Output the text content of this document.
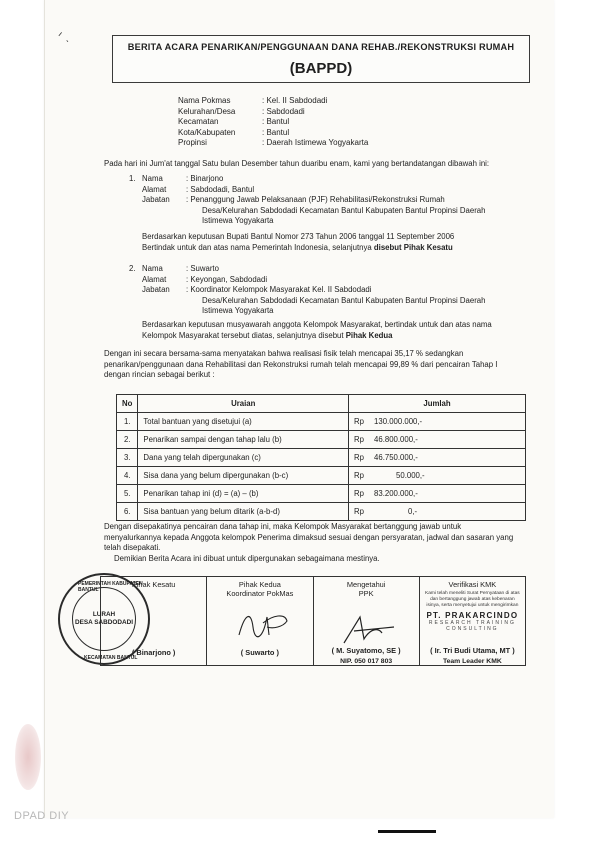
ᐟ ˎ
BERITA ACARA PENARIKAN/PENGGUNAAN DANA REHAB./REKONSTRUKSI RUMAH
(BAPPD)
Nama Pokmas	: Kel. II Sabdodadi
Kelurahan/Desa	: Sabdodadi
Kecamatan	: Bantul
Kota/Kabupaten	: Bantul
Propinsi	: Daerah Istimewa Yogyakarta
Pada hari ini Jum'at tanggal Satu bulan Desember tahun duaribu enam, kami yang bertandatangan dibawah ini:
1. Nama	: Binarjono
Alamat	: Sabdodadi, Bantul
Jabatan	: Penanggung Jawab Pelaksanaan (PJF) Rehabilitasi/Rekonstruksi Rumah
Desa/Kelurahan Sabdodadi Kecamatan Bantul Kabupaten Bantul Propinsi Daerah
Istimewa Yogyakarta
Berdasarkan keputusan Bupati Bantul Nomor 273 Tahun 2006 tanggal 11 September 2006
Bertindak untuk dan atas nama Pemerintah Indonesia, selanjutnya disebut Pihak Kesatu
2. Nama	: Suwarto
Alamat	: Keyongan, Sabdodadi
Jabatan	: Koordinator Kelompok Masyarakat Kel. II Sabdodadi
Desa/Kelurahan Sabdodadi Kecamatan Bantul Kabupaten Bantul Propinsi Daerah
Istimewa Yogyakarta
Berdasarkan keputusan musyawarah anggota Kelompok Masyarakat, bertindak untuk dan atas nama
Kelompok Masyarakat tersebut diatas, selanjutnya disebut Pihak Kedua
Dengan ini secara bersama-sama menyatakan bahwa realisasi fisik telah mencapai 35,17 % sedangkan
penarikan/penggunaan dana Rehabilitasi dan Rekonstruksi rumah telah mencapai 99,89 % dari pencairan Tahap I
dengan rincian sebagai berikut :
No	Uraian	Jumlah
1.	Total bantuan yang disetujui (a)	Rp 130.000.000,-
2.	Penarikan sampai dengan tahap lalu (b)	Rp 46.800.000,-
3.	Dana yang telah dipergunakan (c)	Rp 46.750.000,-
4.	Sisa dana yang belum dipergunakan (b-c)	Rp 50.000,-
5.	Penarikan tahap ini (d) = (a) – (b)	Rp 83.200.000,-
6.	Sisa bantuan yang belum ditarik (a-b-d)	Rp 0,-
Dengan disepakatinya pencairan dana tahap ini, maka Kelompok Masyarakat bertanggung jawab untuk
menyalurkannya kepada Anggota kelompok Penerima dimaksud sesuai dengan persyaratan, jadwal dan sasaran yang
telah disepakati.
Demikian Berita Acara ini dibuat untuk dipergunakan sebagaimana mestinya.
Pihak Kesatu
( Binarjono )
Pihak Kedua
Koordinator PokMas
( Suwarto )
Mengetahui
PPK
( M. Suyatomo, SE )
NIP. 050 017 803
Verifikasi KMK
Kami telah meneliti Surat Pernyataan di atas dan bertanggung jawab atas kebenaran isinya, serta menyetujui untuk mengirimkan
PT. PRAKARCINDO
RESEARCH TRAINING CONSULTING
( Ir. Tri Budi Utama, MT )
Team Leader KMK
PEMERINTAH KABUPATEN BANTUL
LURAH
DESA SABDODADI
KECAMATAN BANTUL
DPAD DIY
